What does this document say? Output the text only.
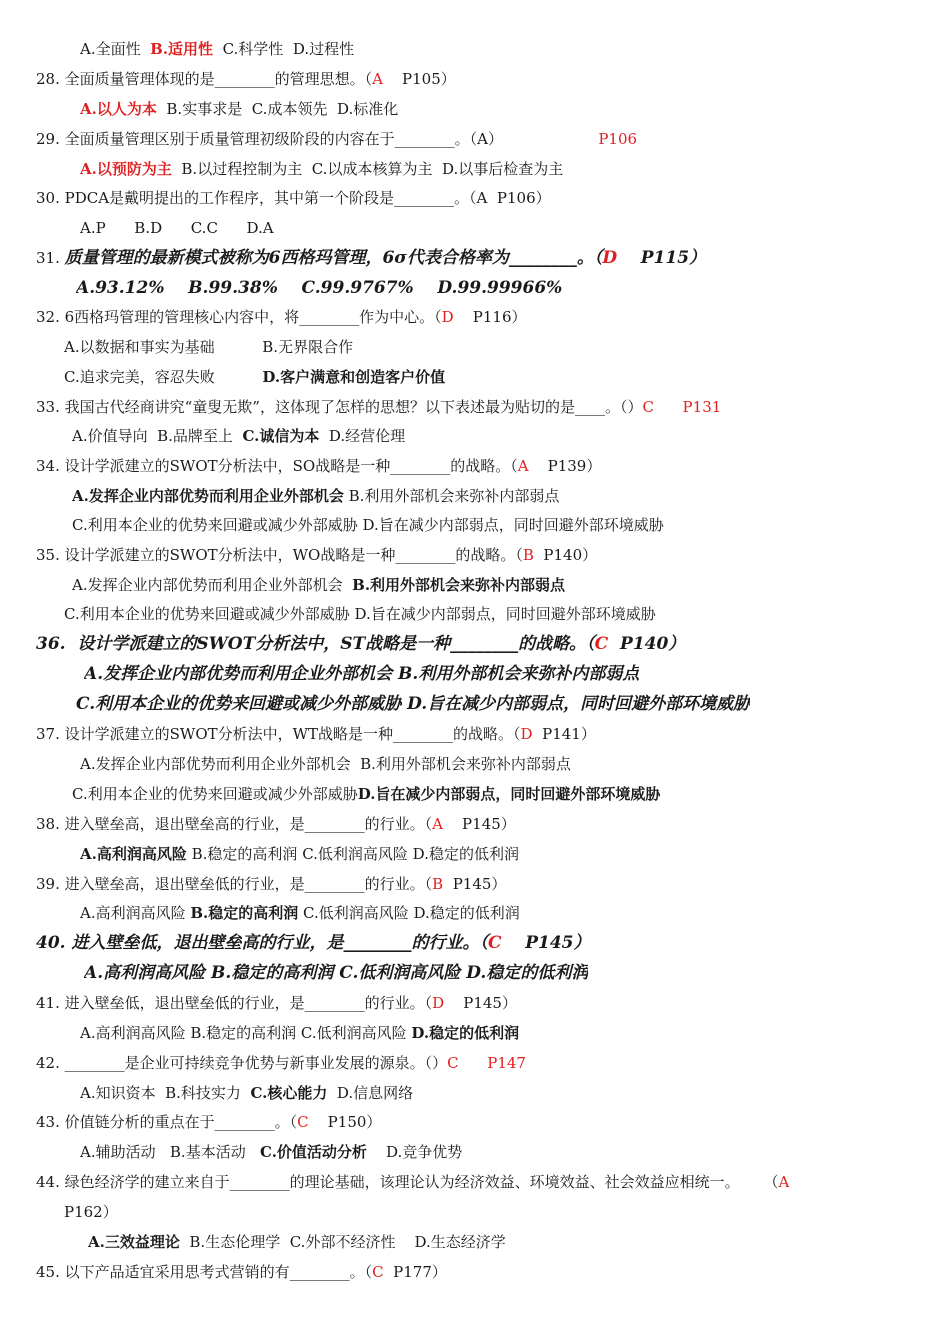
A.全面性  B.适用性  C.科学性  D.过程性
28. 全面质量管理体现的是________的管理思想。（A    P105）
A.以人为本  B.实事求是  C.成本领先  D.标准化
29. 全面质量管理区别于质量管理初级阶段的内容在于________。（A）                    P106
A.以预防为主  B.以过程控制为主  C.以成本核算为主  D.以事后检查为主
30. PDCA是戴明提出的工作程序，其中第一个阶段是________。（A  P106）
A.P      B.D      C.C      D.A
31. 质量管理的最新模式被称为6西格玛管理，6σ代表合格率为________。（D    P115）
A.93.12%    B.99.38%    C.99.9767%    D.99.99966%
32. 6西格玛管理的管理核心内容中，将________作为中心。（D    P116）
A.以数据和事实为基础          B.无界限合作
C.追求完美，容忍失败          D.客户满意和创造客户价值
33. 我国古代经商讲究“童叟无欺”，这体现了怎样的思想？以下表述最为贴切的是____。（）C      P131
A.价值导向  B.品牌至上  C.诚信为本  D.经营伦理
34. 设计学派建立的SWOT分析法中，SO战略是一种________的战略。（A    P139）
A.发挥企业内部优势而利用企业外部机会 B.利用外部机会来弥补内部弱点
C.利用本企业的优势来回避或减少外部威胁 D.旨在减少内部弱点，同时回避外部环境威胁
35. 设计学派建立的SWOT分析法中，WO战略是一种________的战略。（B  P140）
A.发挥企业内部优势而利用企业外部机会  B.利用外部机会来弥补内部弱点
C.利用本企业的优势来回避或减少外部威胁 D.旨在减少内部弱点，同时回避外部环境威胁
36.  设计学派建立的SWOT分析法中，ST战略是一种________的战略。（C  P140）
A.发挥企业内部优势而利用企业外部机会 B.利用外部机会来弥补内部弱点
C.利用本企业的优势来回避或减少外部威胁 D.旨在减少内部弱点，同时回避外部环境威胁
37. 设计学派建立的SWOT分析法中，WT战略是一种________的战略。（D  P141）
A.发挥企业内部优势而利用企业外部机会  B.利用外部机会来弥补内部弱点
C.利用本企业的优势来回避或减少外部威胁D.旨在减少内部弱点，同时回避外部环境威胁
38. 进入壁垒高，退出壁垒高的行业，是________的行业。（A    P145）
A.高利润高风险 B.稳定的高利润 C.低利润高风险 D.稳定的低利润
39. 进入壁垒高，退出壁垒低的行业，是________的行业。（B  P145）
A.高利润高风险 B.稳定的高利润 C.低利润高风险 D.稳定的低利润
40. 进入壁垒低，退出壁垒高的行业，是________的行业。（C    P145）
A.高利润高风险 B.稳定的高利润 C.低利润高风险 D.稳定的低利润
41. 进入壁垒低，退出壁垒低的行业，是________的行业。（D    P145）
A.高利润高风险 B.稳定的高利润 C.低利润高风险 D.稳定的低利润
42. ________是企业可持续竞争优势与新事业发展的源泉。（）C      P147
A.知识资本  B.科技实力  C.核心能力  D.信息网络
43. 价值链分析的重点在于________。（C    P150）
A.辅助活动   B.基本活动   C.价值活动分析    D.竞争优势
44. 绿色经济学的建立来自于________的理论基础，该理论认为经济效益、环境效益、社会效益应相统一。     （A
P162）
A.三效益理论  B.生态伦理学  C.外部不经济性    D.生态经济学
45. 以下产品适宜采用思考式营销的有________。（C  P177）
